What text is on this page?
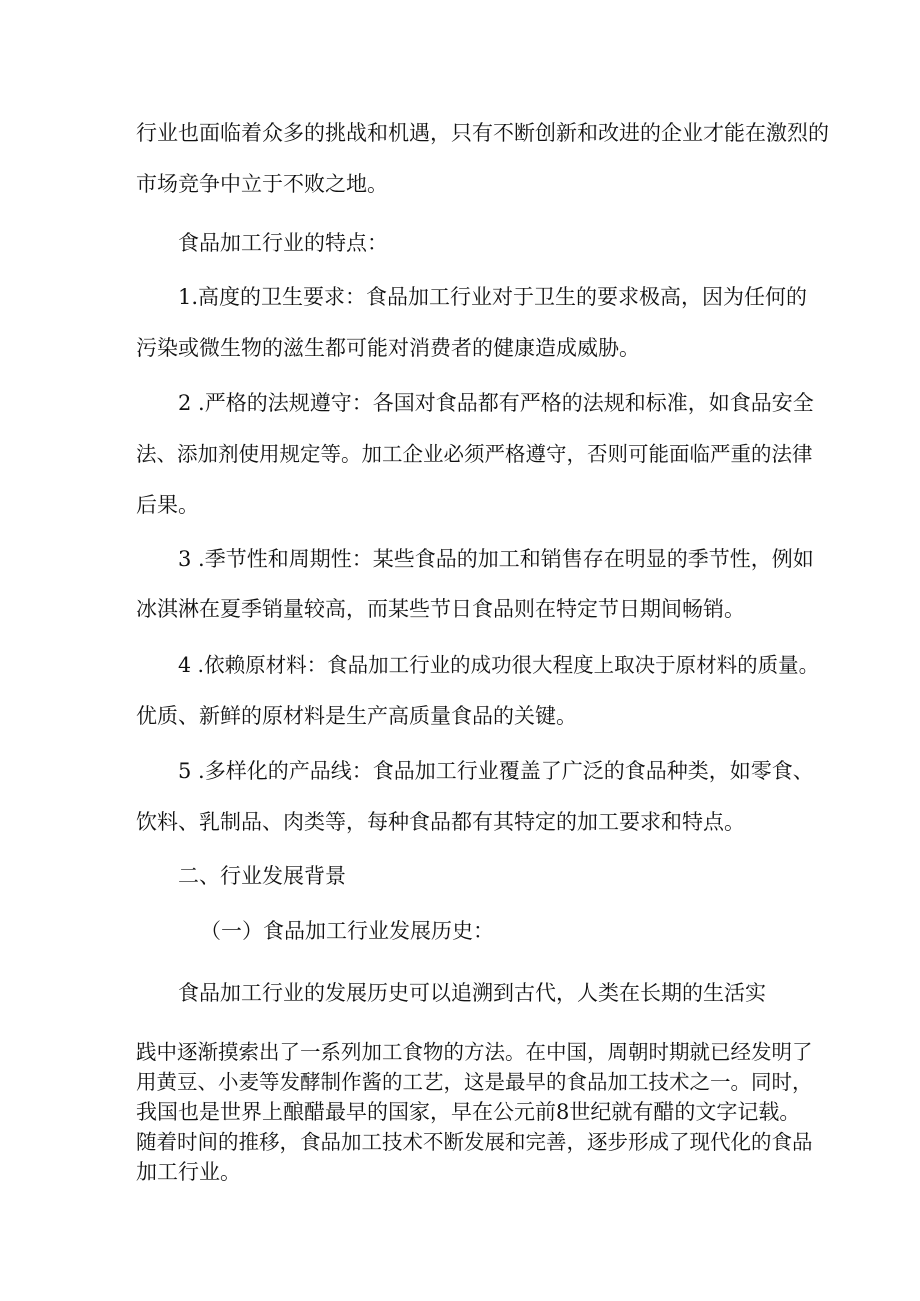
行业也面临着众多的挑战和机遇，只有不断创新和改进的企业才能在激烈的
市场竞争中立于不败之地。
食品加工行业的特点：
1.高度的卫生要求：食品加工行业对于卫生的要求极高，因为任何的
污染或微生物的滋生都可能对消费者的健康造成威胁。
2 .严格的法规遵守：各国对食品都有严格的法规和标准，如食品安全
法、添加剂使用规定等。加工企业必须严格遵守，否则可能面临严重的法律
后果。
3 .季节性和周期性：某些食品的加工和销售存在明显的季节性，例如
冰淇淋在夏季销量较高，而某些节日食品则在特定节日期间畅销。
4 .依赖原材料：食品加工行业的成功很大程度上取决于原材料的质量。
优质、新鲜的原材料是生产高质量食品的关键。
5 .多样化的产品线：食品加工行业覆盖了广泛的食品种类，如零食、
饮料、乳制品、肉类等，每种食品都有其特定的加工要求和特点。
二、行业发展背景
（一）食品加工行业发展历史：
食品加工行业的发展历史可以追溯到古代，人类在长期的生活实
践中逐渐摸索出了一系列加工食物的方法。在中国，周朝时期就已经发明了
用黄豆、小麦等发酵制作酱的工艺，这是最早的食品加工技术之一。同时，
我国也是世界上酿醋最早的国家，早在公元前8世纪就有醋的文字记载。
随着时间的推移，食品加工技术不断发展和完善，逐步形成了现代化的食品
加工行业。
